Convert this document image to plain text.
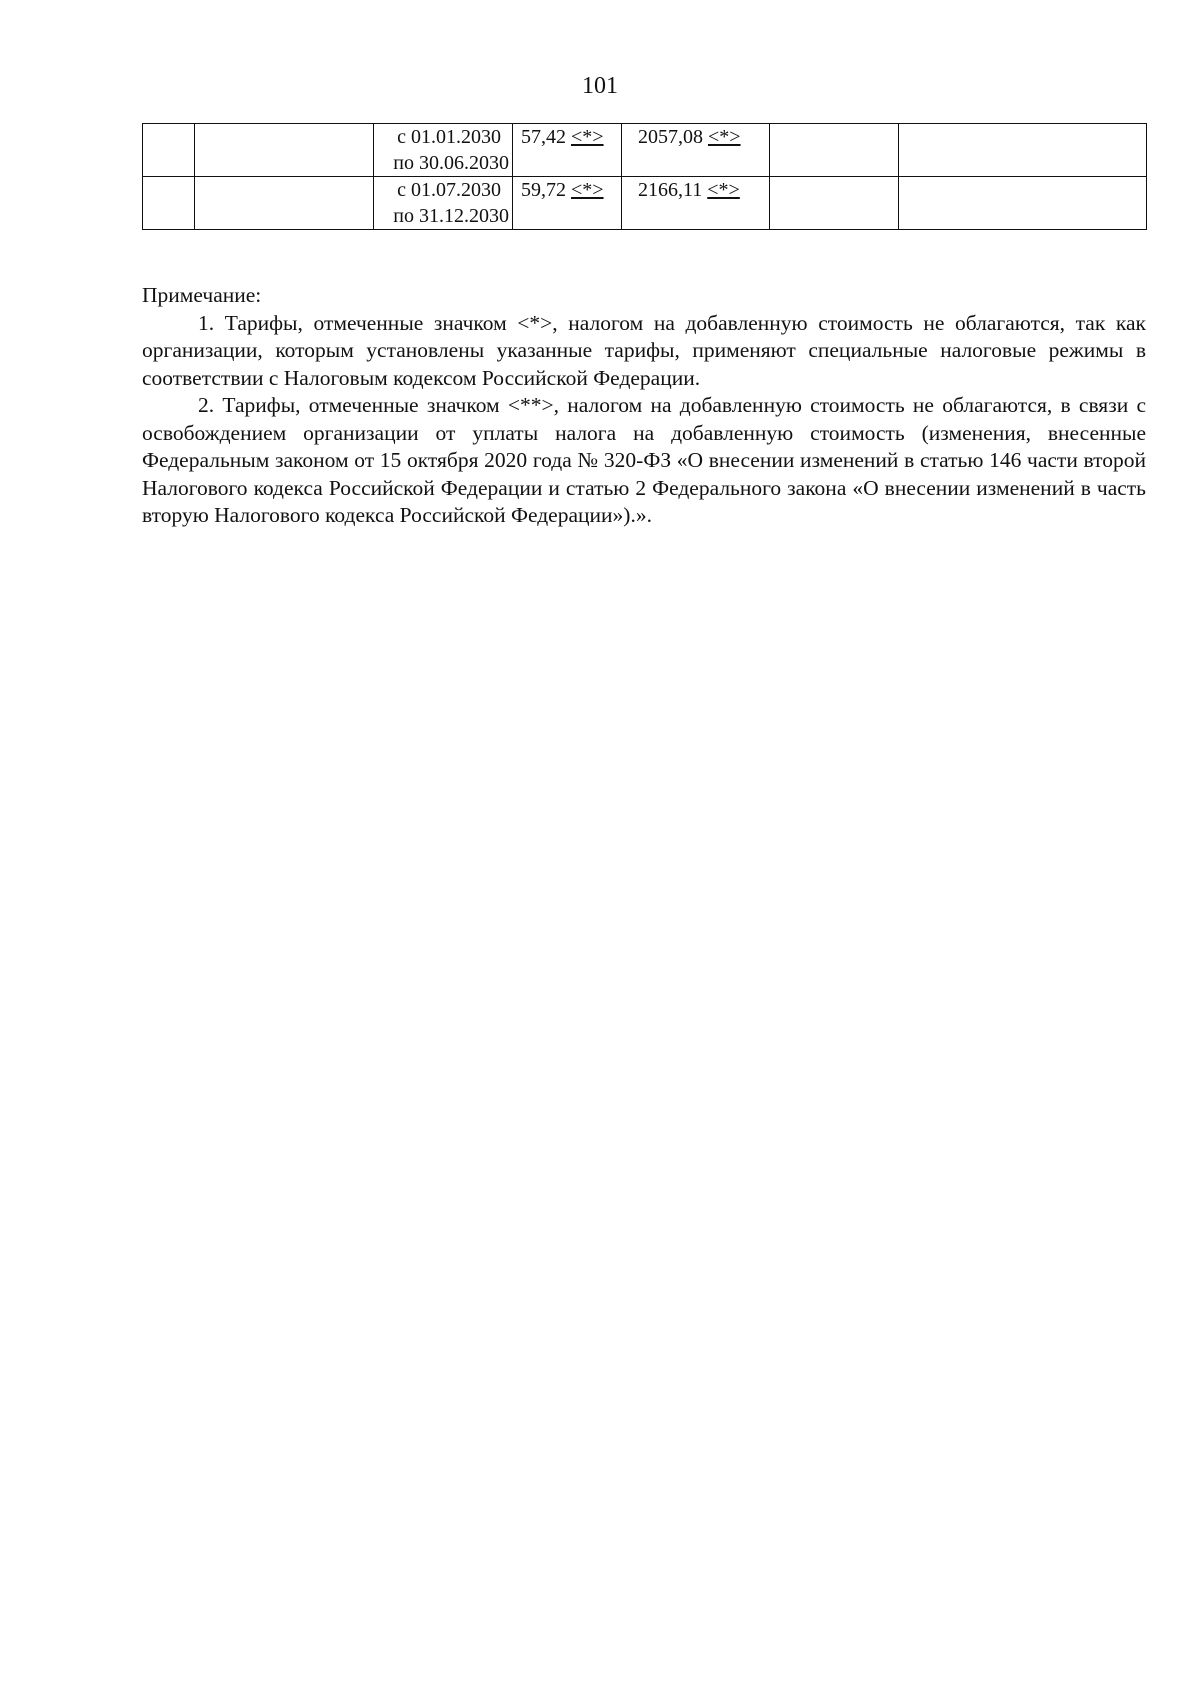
101

		с 01.01.2030
по 30.06.2030	57,42 <*>	2057,08 <*>		

		с 01.07.2030
по 31.12.2030	59,72 <*>	2166,11 <*>		

Примечание:

1. Тарифы, отмеченные значком <*>, налогом на добавленную стоимость не облагаются, так как организации, которым установлены указанные тарифы, применяют специальные налоговые режимы в соответствии с Налоговым кодексом Российской Федерации.

2. Тарифы, отмеченные значком <**>, налогом на добавленную стоимость не облагаются, в связи с освобождением организации от уплаты налога на добавленную стоимость (изменения, внесенные Федеральным законом от 15 октября 2020 года № 320-ФЗ «О внесении изменений в статью 146 части второй Налогового кодекса Российской Федерации и статью 2 Федерального закона «О внесении изменений в часть вторую Налогового кодекса Российской Федерации»).».
